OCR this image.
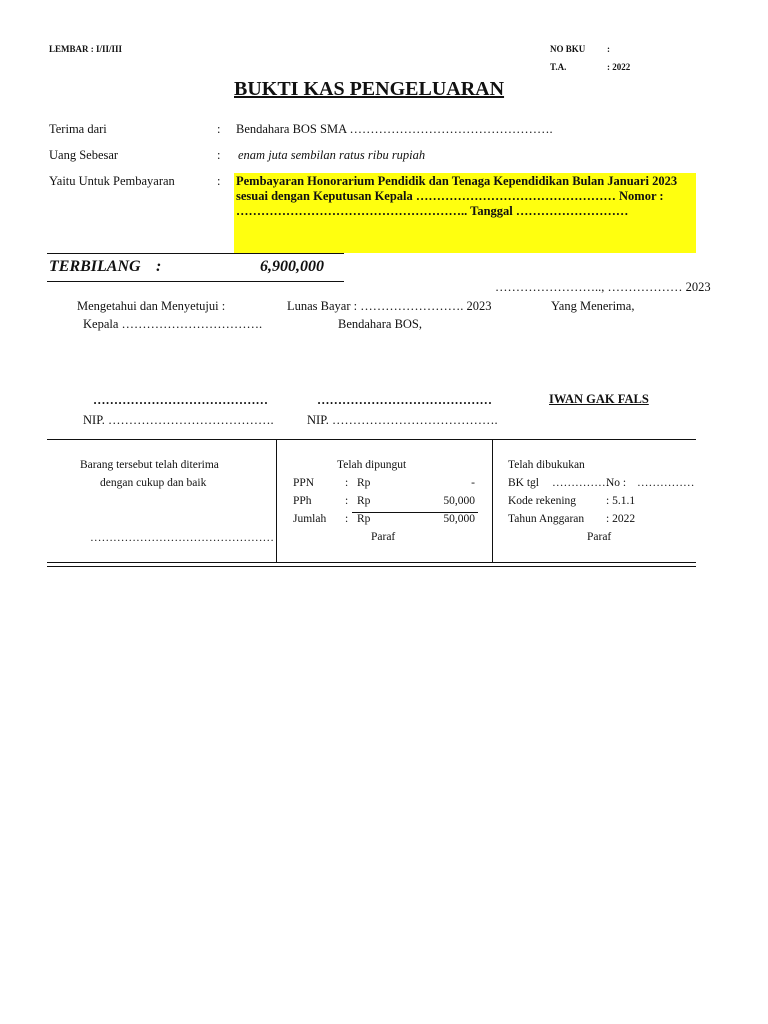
LEMBAR : I/II/III	NO BKU :
T.A.	: 2022
BUKTI KAS PENGELUARAN
Terima dari	: Bendahara BOS SMA ………………………………………….
Uang Sebesar	: enam juta sembilan ratus ribu rupiah
Yaitu Untuk Pembayaran	: Pembayaran Honorarium Pendidik dan Tenaga Kependidikan Bulan Januari 2023 sesuai dengan Keputusan Kepala ………………………………………… Nomor : ……………………………………………….. Tanggal ………………………
TERBILANG :	6,900,000
…………………….., ……………… 2023
Mengetahui dan Menyetujui :
Kepala …………………………….
……………………………………
NIP. ………………………………….
Lunas Bayar : ……………………. 2023
Bendahara BOS,
……………………………………
NIP. ………………………………….
Yang Menerima,
IWAN GAK FALS
Barang tersebut telah diterima
dengan cukup dan baik
…………………………………………
Telah dipungut
PPN	: Rp	-
PPh	: Rp	50,000
Jumlah : Rp	50,000
Paraf
Telah dibukukan
BK tgl ……………
No : ……………
Kode rekening	: 5.1.1
Tahun Anggaran : 2022
Paraf
